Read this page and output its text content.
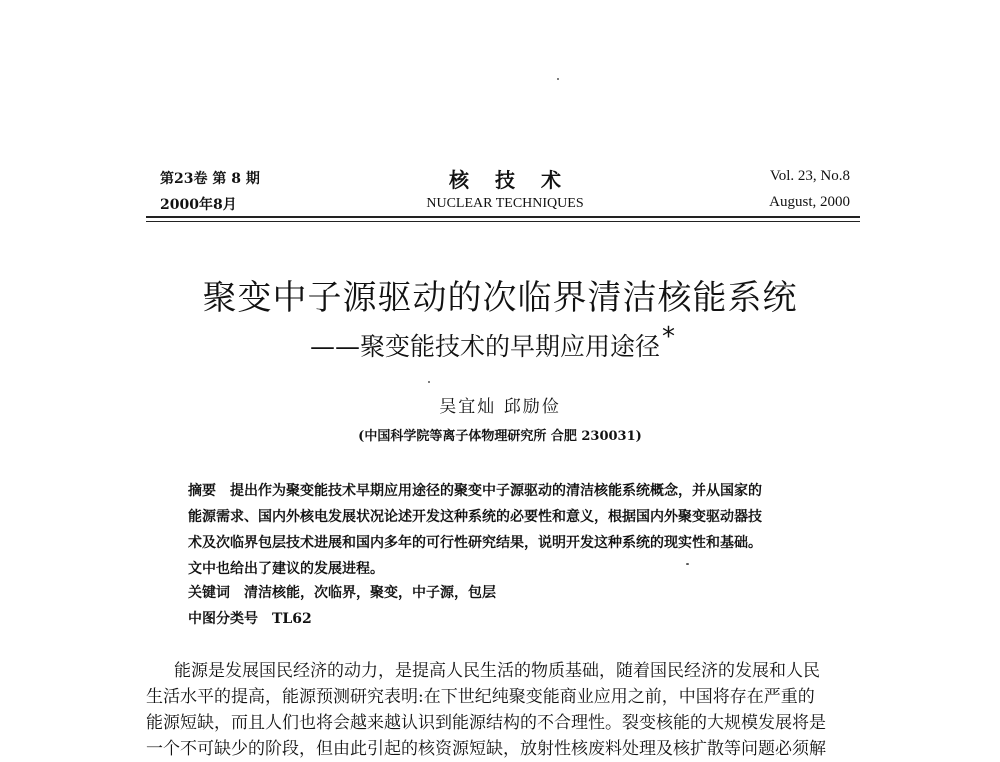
第23卷 第 8 期	核技术	Vol. 23, No.8
2000年8月	NUCLEAR TECHNIQUES	August, 2000
聚变中子源驱动的次临界清洁核能系统
——聚变能技术的早期应用途径*
吴宜灿 邱励俭
(中国科学院等离子体物理研究所 合肥 230031)
摘要 提出作为聚变能技术早期应用途径的聚变中子源驱动的清洁核能系统概念，并从国家的
能源需求、国内外核电发展状况论述开发这种系统的必要性和意义，根据国内外聚变驱动器技
术及次临界包层技术进展和国内多年的可行性研究结果，说明开发这种系统的现实性和基础。
文中也给出了建议的发展进程。
关键词 清洁核能，次临界，聚变，中子源，包层
中图分类号 TL62
能源是发展国民经济的动力，是提高人民生活的物质基础，随着国民经济的发展和人民
生活水平的提高，能源预测研究表明:在下世纪纯聚变能商业应用之前，中国将存在严重的
能源短缺，而且人们也将会越来越认识到能源结构的不合理性。裂变核能的大规模发展将是
一个不可缺少的阶段，但由此引起的核资源短缺，放射性核废料处理及核扩散等问题必须解
